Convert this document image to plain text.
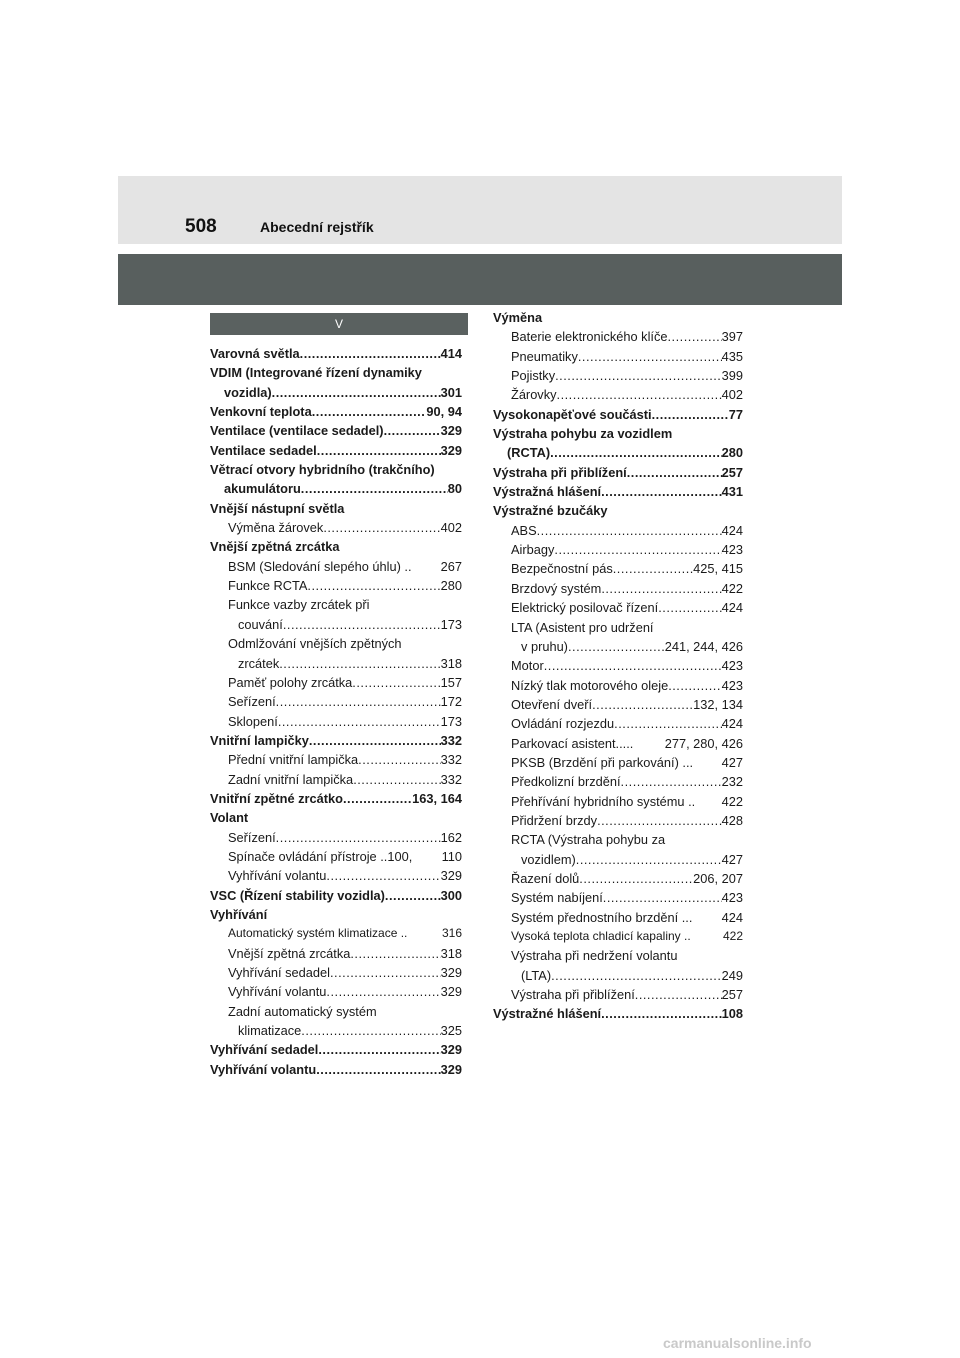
508	Abecední rejstřík
V
Varovná světla .....	414
VDIM (Integrované řízení dynamiky
vozidla) .....	301
Venkovní teplota .....	90, 94
Ventilace (ventilace sedadel) .....	329
Ventilace sedadel .....	329
Větrací otvory hybridního (trakčního)
akumulátoru .....	80
Vnější nástupní světla
Výměna žárovek .....	402
Vnější zpětná zrcátka
BSM (Sledování slepého úhlu) .. 267
Funkce RCTA .....	280
Funkce vazby zrcátek při
couvání .....	173
Odmlžování vnějších zpětných
zrcátek .....	318
Paměť polohy zrcátka .....	157
Seřízení .....	172
Sklopení .....	173
Vnitřní lampičky .....	332
Přední vnitřní lampička .....	332
Zadní vnitřní lampička .....	332
Vnitřní zpětné zrcátko .....	163, 164
Volant
Seřízení .....	162
Spínače ovládání přístroje ..100, 110
Vyhřívání volantu .....	329
VSC (Řízení stability vozidla) .....	300
Vyhřívání
Automatický systém klimatizace ..	316
Vnější zpětná zrcátka .....	318
Vyhřívání sedadel .....	329
Vyhřívání volantu .....	329
Zadní automatický systém
klimatizace .....	325
Vyhřívání sedadel .....	329
Vyhřívání volantu .....	329
Výměna
Baterie elektronického klíče .....	397
Pneumatiky .....	435
Pojistky .....	399
Žárovky .....	402
Vysokonapěťové součásti .....	77
Výstraha pohybu za vozidlem
(RCTA) .....	280
Výstraha při přiblížení .....	257
Výstražná hlášení .....	431
Výstražné bzučáky
ABS .....	424
Airbagy .....	423
Bezpečnostní pás .....	425, 415
Brzdový systém .....	422
Elektrický posilovač řízení .....	424
LTA (Asistent pro udržení
v pruhu) .....	241, 244, 426
Motor .....	423
Nízký tlak motorového oleje .....	423
Otevření dveří .....	132, 134
Ovládání rozjezdu .....	424
Parkovací asistent..... 277, 280, 426
PKSB (Brzdění při parkování) ... 427
Předkolizní brzdění .....	232
Přehřívání hybridního systému .. 422
Přidržení brzdy .....	428
RCTA (Výstraha pohybu za
vozidlem) .....	427
Řazení dolů .....	206, 207
Systém nabíjení .....	423
Systém přednostního brzdění ... 424
Vysoká teplota chladicí kapaliny ..	422
Výstraha při nedržení volantu
(LTA) .....	249
Výstraha při přiblížení .....	257
Výstražné hlášení .....	108
carmanualsonline.info
